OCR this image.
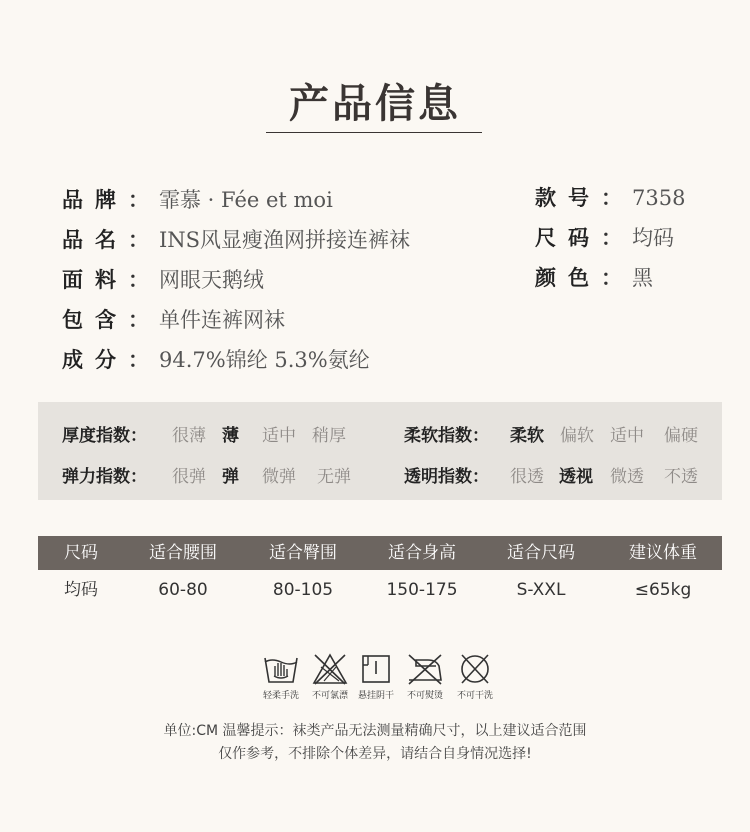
产品信息
品牌： 霏慕 · Fée et moi
品名： INS风显瘦渔网拼接连裤袜
面料： 网眼天鹅绒
包含： 单件连裤网袜
成分： 94.7%锦纶 5.3%氨纶
款号： 7358
尺码： 均码
颜色： 黑
厚度指数： 很薄 薄 适中 稍厚	柔软指数： 柔软 偏软 适中 偏硬
弹力指数： 很弹 弹 微弹 无弹	透明指数： 很透 透视 微透 不透
尺码	适合腰围	适合臀围	适合身高	适合尺码	建议体重
均码	60-80	80-105	150-175	S-XXL	≤65kg
轻柔手洗	不可氯漂	悬挂阴干	不可熨烫	不可干洗
单位:CM 温馨提示：袜类产品无法测量精确尺寸，以上建议适合范围
仅作参考，不排除个体差异，请结合自身情况选择!
